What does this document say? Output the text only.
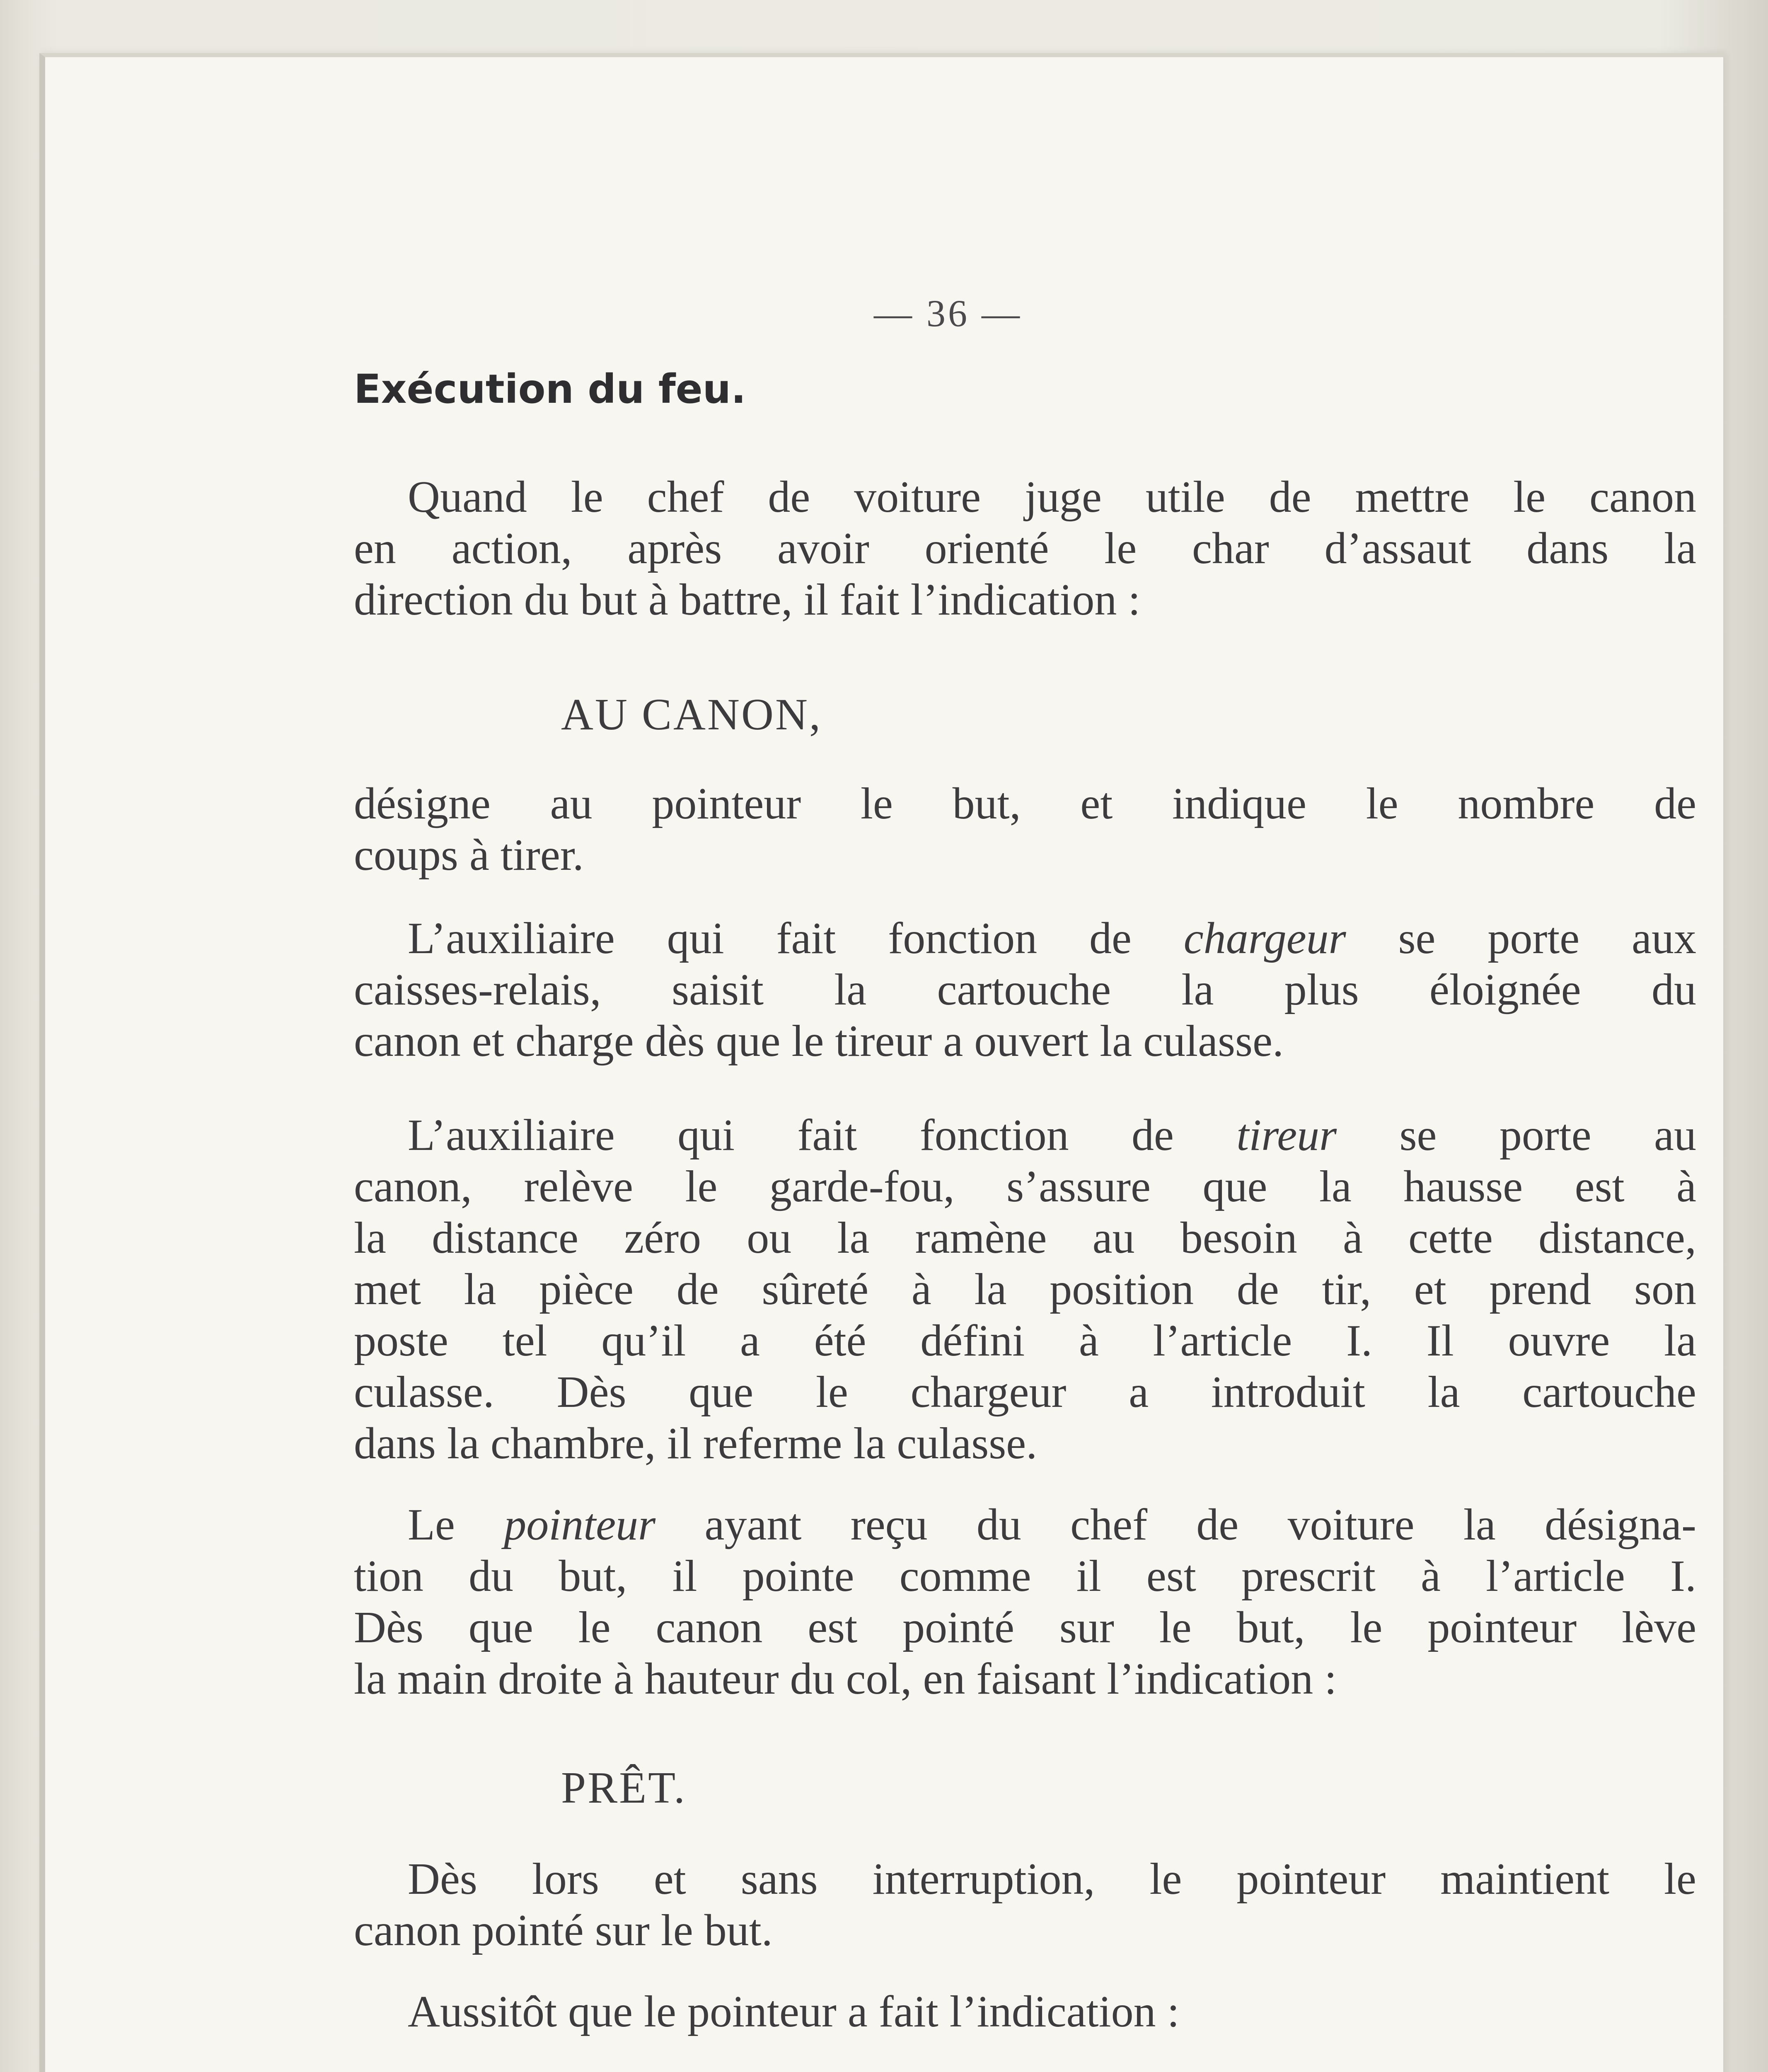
— 36 —
Exécution du feu.
Quand le chef de voiture juge utile de mettre le canon
en action, après avoir orienté le char d’assaut dans la
direction du but à battre, il fait l’indication :
AU CANON,
désigne au pointeur le but, et indique le nombre de
coups à tirer.
L’auxiliaire qui fait fonction de chargeur se porte aux
caisses-relais, saisit la cartouche la plus éloignée du
canon et charge dès que le tireur a ouvert la culasse.
L’auxiliaire qui fait fonction de tireur se porte au
canon, relève le garde-fou, s’assure que la hausse est à
la distance zéro ou la ramène au besoin à cette distance,
met la pièce de sûreté à la position de tir, et prend son
poste tel qu’il a été défini à l’article I. Il ouvre la
culasse. Dès que le chargeur a introduit la cartouche
dans la chambre, il referme la culasse.
Le pointeur ayant reçu du chef de voiture la désigna-
tion du but, il pointe comme il est prescrit à l’article I.
Dès que le canon est pointé sur le but, le pointeur lève
la main droite à hauteur du col, en faisant l’indication :
PRÊT.
Dès lors et sans interruption, le pointeur maintient le
canon pointé sur le but.
Aussitôt que le pointeur a fait l’indication :
